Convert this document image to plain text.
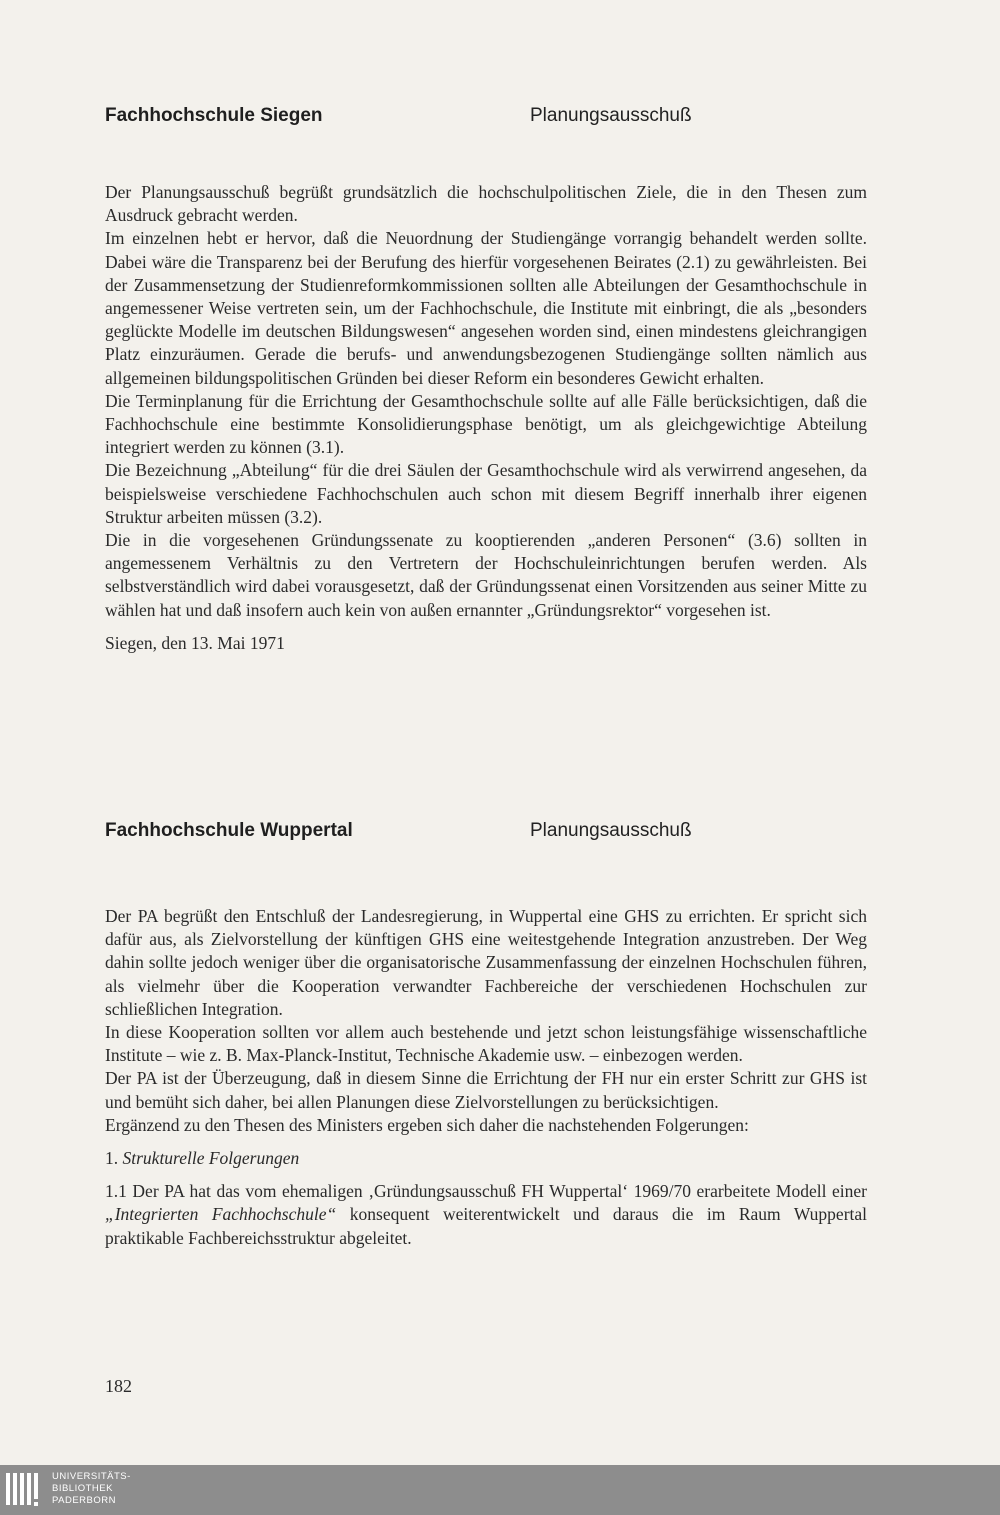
Fachhochschule Siegen	Planungsausschuß

Der Planungsausschuß begrüßt grundsätzlich die hochschulpolitischen Ziele, die in den Thesen zum Ausdruck gebracht werden.

Im einzelnen hebt er hervor, daß die Neuordnung der Studiengänge vorrangig behandelt werden sollte. Dabei wäre die Transparenz bei der Berufung des hierfür vorgesehenen Beirates (2.1) zu gewährleisten. Bei der Zusammensetzung der Studienreformkommissionen sollten alle Abteilungen der Gesamthochschule in angemessener Weise vertreten sein, um der Fachhochschule, die Institute mit einbringt, die als „besonders geglückte Modelle im deutschen Bildungswesen“ angesehen worden sind, einen mindestens gleichrangigen Platz einzuräumen. Gerade die berufs- und anwendungsbezogenen Studiengänge sollten nämlich aus allgemeinen bildungspolitischen Gründen bei dieser Reform ein besonderes Gewicht erhalten.

Die Terminplanung für die Errichtung der Gesamthochschule sollte auf alle Fälle berücksichtigen, daß die Fachhochschule eine bestimmte Konsolidierungsphase benötigt, um als gleichgewichtige Abteilung integriert werden zu können (3.1).

Die Bezeichnung „Abteilung“ für die drei Säulen der Gesamthochschule wird als verwirrend angesehen, da beispielsweise verschiedene Fachhochschulen auch schon mit diesem Begriff innerhalb ihrer eigenen Struktur arbeiten müssen (3.2).

Die in die vorgesehenen Gründungssenate zu kooptierenden „anderen Personen“ (3.6) sollten in angemessenem Verhältnis zu den Vertretern der Hochschuleinrichtungen berufen werden. Als selbstverständlich wird dabei vorausgesetzt, daß der Gründungssenat einen Vorsitzenden aus seiner Mitte zu wählen hat und daß insofern auch kein von außen ernannter „Gründungsrektor“ vorgesehen ist.

Siegen, den 13. Mai 1971

Fachhochschule Wuppertal	Planungsausschuß

Der PA begrüßt den Entschluß der Landesregierung, in Wuppertal eine GHS zu errichten. Er spricht sich dafür aus, als Zielvorstellung der künftigen GHS eine weitestgehende Integration anzustreben. Der Weg dahin sollte jedoch weniger über die organisatorische Zusammenfassung der einzelnen Hochschulen führen, als vielmehr über die Kooperation verwandter Fachbereiche der verschiedenen Hochschulen zur schließlichen Integration.

In diese Kooperation sollten vor allem auch bestehende und jetzt schon leistungsfähige wissenschaftliche Institute – wie z. B. Max-Planck-Institut, Technische Akademie usw. – einbezogen werden.

Der PA ist der Überzeugung, daß in diesem Sinne die Errichtung der FH nur ein erster Schritt zur GHS ist und bemüht sich daher, bei allen Planungen diese Zielvorstellungen zu berücksichtigen.

Ergänzend zu den Thesen des Ministers ergeben sich daher die nachstehenden Folgerungen:

1. Strukturelle Folgerungen

1.1 Der PA hat das vom ehemaligen ‚Gründungsausschuß FH Wuppertal‘ 1969/70 erarbeitete Modell einer „Integrierten Fachhochschule“ konsequent weiterentwickelt und daraus die im Raum Wuppertal praktikable Fachbereichsstruktur abgeleitet.

182
UNIVERSITÄTS-
BIBLIOTHEK
PADERBORN
